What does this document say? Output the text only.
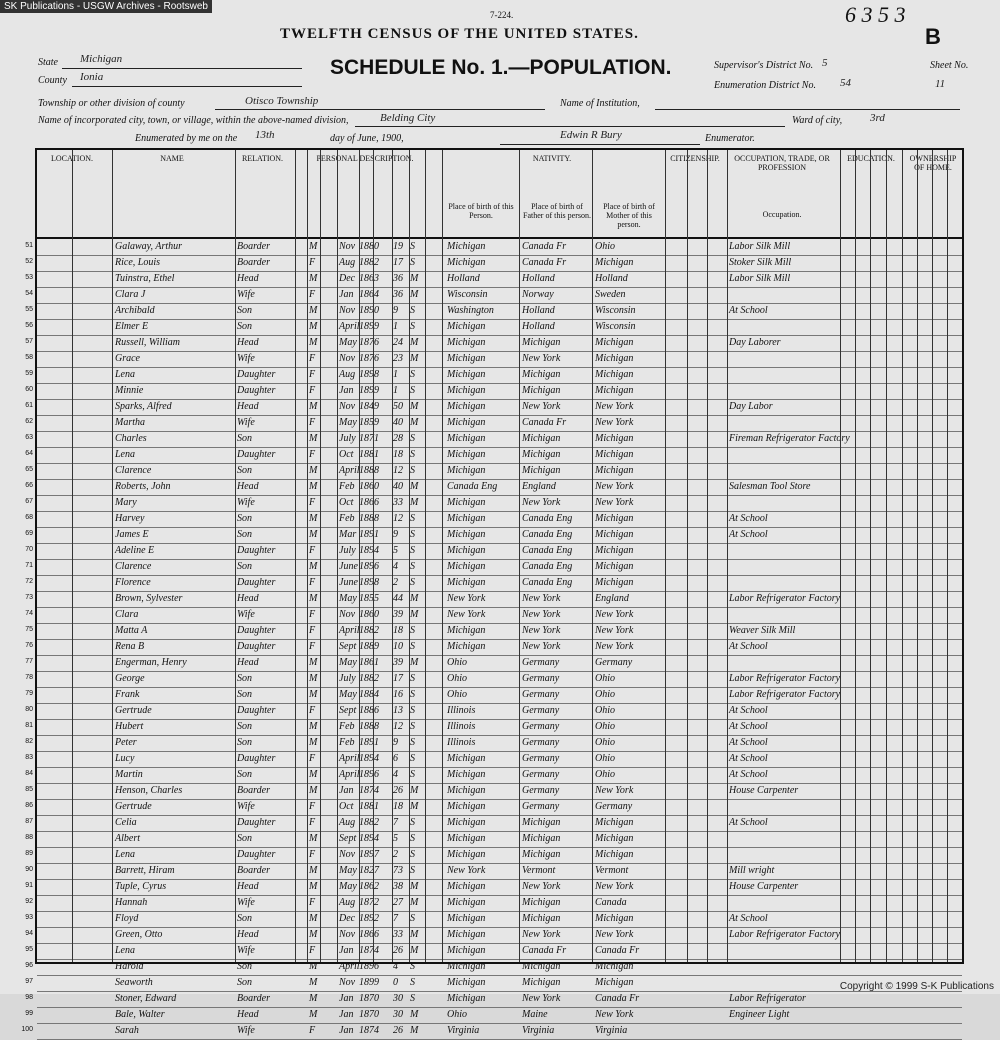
SK Publications - USGW Archives - Rootsweb
7-224.	6 3 5 3
B
TWELFTH CENSUS OF THE UNITED STATES.
SCHEDULE No. 1.—POPULATION.
State Michigan
County Ionia
Supervisor's District No. 5
Enumeration District No. 54
Sheet No.
11
Township or other division of county	Otisco Township	Name of Institution,
Name of incorporated city, town, or village, within the above-named division,	Belding City	Ward of city,	3rd
Enumerated by me on the 13th	day of June, 1900,	Edwin R Bury	Enumerator.
LOCATION.	NAME	RELATION.	PERSONAL DESCRIPTION.	NATIVITY.	CITIZENSHIP.	OCCUPATION, TRADE, OR PROFESSION
EDUCATION.	OWNERSHIP OF HOME.
Place of birth of this Person.
Place of birth of Father of this person.
Place of birth of Mother of this person.
Occupation.
51	Galaway, Arthur	Boarder	M	Nov 1880	19 S	Michigan	Canada Fr	Ohio	Labor Silk Mill
52	Rice, Louis	Boarder	F	Aug 1882	17 S	Michigan	Canada Fr	Michigan	Stoker Silk Mill
53	Tuinstra, Ethel	Head	M	Dec 1863	36 M	Holland	Holland	Holland	Labor Silk Mill
54	Clara J	Wife	F	Jan 1864	36 M	Wisconsin	Norway	Sweden
55	Archibald	Son	M	Nov 1890	9	S	Washington	Holland	Wisconsin	At School
56	Elmer E	Son	M	April 1899	1	S	Michigan	Holland	Wisconsin
57	Russell, William	Head	M	May 1876	24 M	Michigan	Michigan	Michigan	Day Laborer
58	Grace	Wife	F	Nov 1876	23 M	Michigan	New York	Michigan
59	Lena	Daughter	F	Aug 1898	1	S	Michigan	Michigan	Michigan
60	Minnie	Daughter	F	Jan 1899	1	S	Michigan	Michigan	Michigan
61	Sparks, Alfred	Head	M	Nov 1849	50 M	Michigan	New York	New York	Day Labor
62	Martha	Wife	F	May 1859	40 M	Michigan	Canada Fr	New York
63	Charles	Son	M	July 1871	28 S	Michigan	Michigan	Michigan	Fireman Refrigerator Factory
64	Lena	Daughter	F	Oct 1881	18 S	Michigan	Michigan	Michigan
65	Clarence	Son	M	April 1888	12 S	Michigan	Michigan	Michigan
66	Roberts, John	Head	M	Feb 1860	40 M	Canada Eng	England	New York	Salesman Tool Store
67	Mary	Wife	F	Oct 1866	33 M	Michigan	New York	New York
68	Harvey	Son	M	Feb 1888	12 S	Michigan	Canada Eng	Michigan	At School
69	James E	Son	M	Mar 1891	9	S	Michigan	Canada Eng	Michigan	At School
70	Adeline E	Daughter	F	July 1894	5	S	Michigan	Canada Eng	Michigan
71	Clarence	Son	M	June 1896	4	S	Michigan	Canada Eng	Michigan
72	Florence	Daughter	F	June 1898	2	S	Michigan	Canada Eng	Michigan
73	Brown, Sylvester	Head	M	May 1855	44 M	New York	New York	England	Labor Refrigerator Factory
74	Clara	Wife	F	Nov 1860	39 M	New York	New York	New York
75	Matta A	Daughter	F	April 1882	18 S	Michigan	New York	New York	Weaver Silk Mill
76	Rena B	Daughter	F	Sept 1889	10 S	Michigan	New York	New York	At School
77	Engerman, Henry	Head	M	May 1861	39 M	Ohio	Germany	Germany
78	George	Son	M	July 1882	17 S	Ohio	Germany	Ohio	Labor Refrigerator Factory
79	Frank	Son	M	May 1884	16 S	Ohio	Germany	Ohio	Labor Refrigerator Factory
80	Gertrude	Daughter	F	Sept 1886	13 S	Illinois	Germany	Ohio	At School
81	Hubert	Son	M	Feb 1888	12 S	Illinois	Germany	Ohio	At School
82	Peter	Son	M	Feb 1891	9	S	Illinois	Germany	Ohio	At School
83	Lucy	Daughter	F	April 1894	6	S	Michigan	Germany	Ohio	At School
84	Martin	Son	M	April 1896	4	S	Michigan	Germany	Ohio	At School
85	Henson, Charles	Boarder	M	Jan 1874	26 M	Michigan	Germany	New York	House Carpenter
86	Gertrude	Wife	F	Oct 1881	18 M	Michigan	Germany	Germany
87	Celia	Daughter	F	Aug 1882	7	S	Michigan	Michigan	Michigan	At School
88	Albert	Son	M	Sept 1894	5	S	Michigan	Michigan	Michigan
89	Lena	Daughter	F	Nov 1897	2	S	Michigan	Michigan	Michigan
90	Barrett, Hiram	Boarder	M	May 1827	73 S	New York	Vermont	Vermont	Mill wright
91	Tuple, Cyrus	Head	M	May 1862	38 M	Michigan	New York	New York	House Carpenter
92	Hannah	Wife	F	Aug 1872	27 M	Michigan	Michigan	Canada
93	Floyd	Son	M	Dec 1892	7	S	Michigan	Michigan	Michigan	At School
94	Green, Otto	Head	M	Nov 1866	33 M	Michigan	New York	New York	Labor Refrigerator Factory
95	Lena	Wife	F	Jan 1874	26 M	Michigan	Canada Fr	Canada Fr
96	Harold	Son	M	April 1896	4	S	Michigan	Michigan	Michigan
97	Seaworth	Son	M	Nov 1899	0	S	Michigan	Michigan	Michigan
98	Stoner, Edward	Boarder	M	Jan 1870	30 S	Michigan	New York	Canada Fr	Labor Refrigerator
99	Bale, Walter	Head	M	Jan 1870	30 M	Ohio	Maine	New York	Engineer Light
100	Sarah	Wife	F	Jan 1874	26 M	Virginia	Virginia	Virginia
Copyright © 1999 S-K Publications
